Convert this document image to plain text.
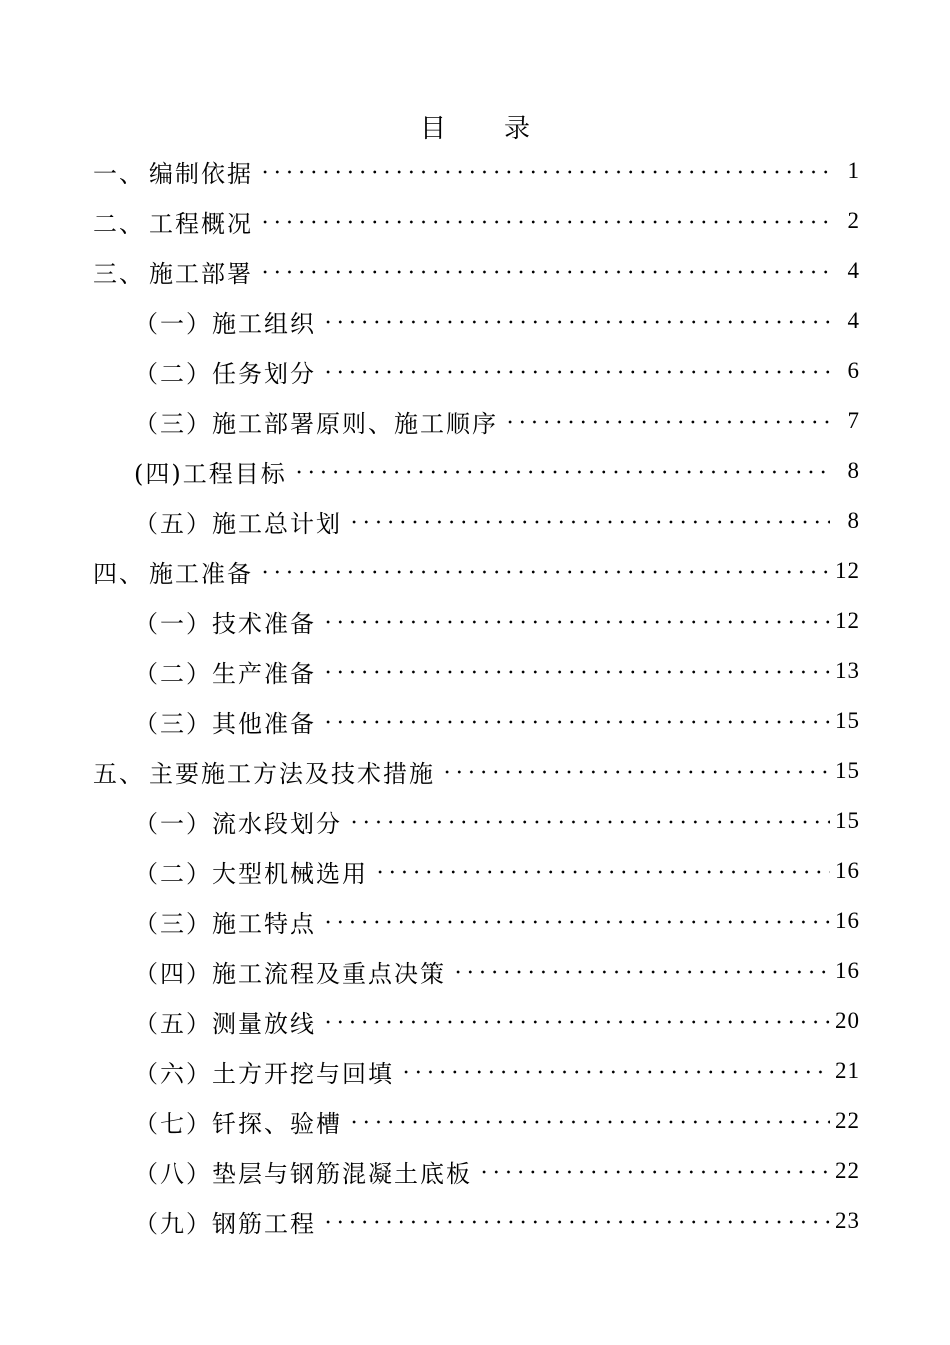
目 录
一、 编制依据	1
二、 工程概况	2
三、 施工部署	4
（一）施工组织	4
（二）任务划分	6
（三）施工部署原则、施工顺序	7
(四)工程目标	8
（五）施工总计划	8
四、 施工准备	12
（一）技术准备	12
（二）生产准备	13
（三）其他准备	15
五、 主要施工方法及技术措施	15
（一）流水段划分	15
（二）大型机械选用	16
（三）施工特点	16
（四）施工流程及重点决策	16
（五）测量放线	20
（六）土方开挖与回填	21
（七）钎探、验槽	22
（八）垫层与钢筋混凝土底板	22
（九）钢筋工程	23
